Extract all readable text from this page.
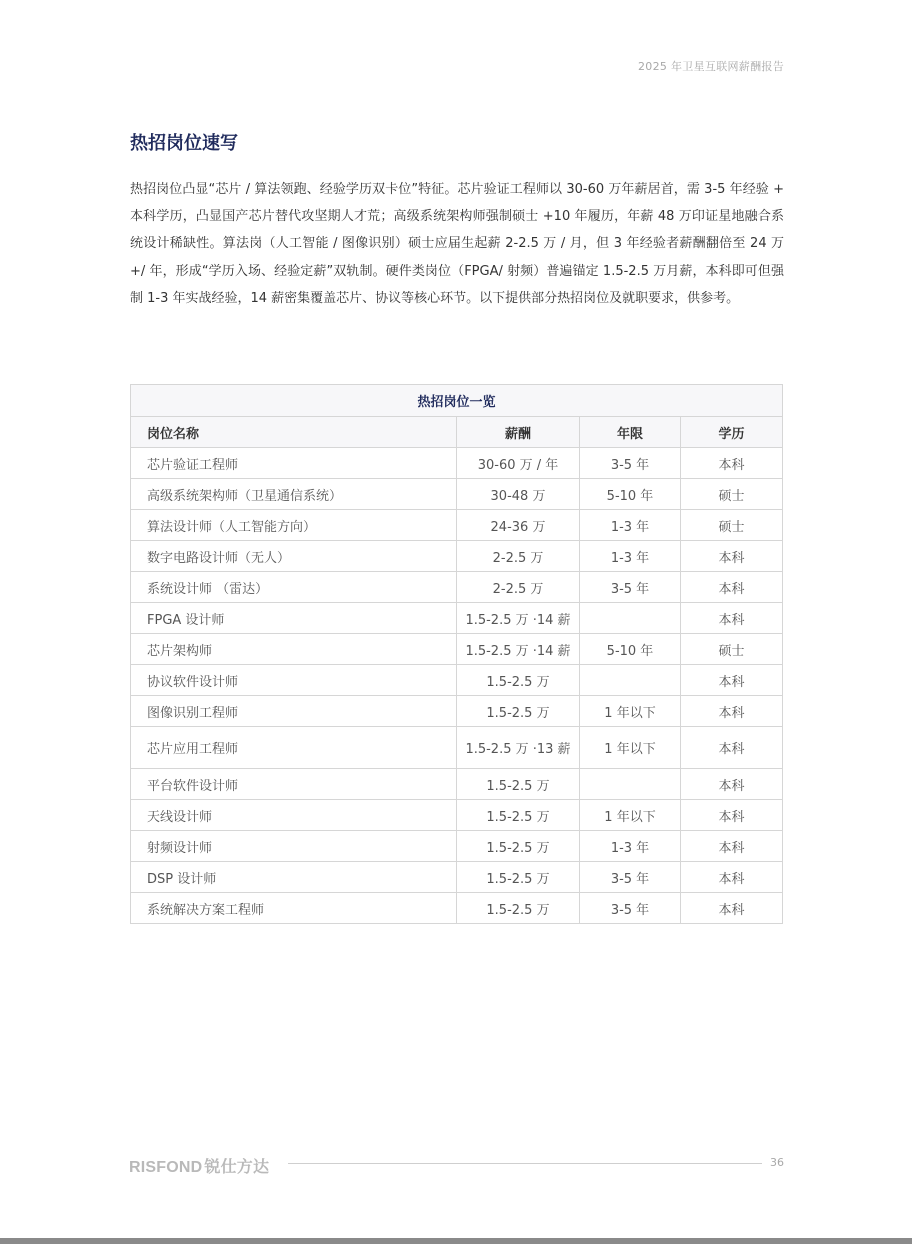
2025 年卫星互联网薪酬报告
热招岗位速写

热招岗位凸显“芯片 / 算法领跑、经验学历双卡位”特征。芯片验证工程师以 30-60 万年薪居首，需 3-5 年经验 + 本科学历，凸显国产芯片替代攻坚期人才荒；高级系统架构师强制硕士 +10 年履历，年薪 48 万印证星地融合系统设计稀缺性。算法岗（人工智能 / 图像识别）硕士应届生起薪 2-2.5 万 / 月，但 3 年经验者薪酬翻倍至 24 万 +/ 年，形成“学历入场、经验定薪”双轨制。硬件类岗位（FPGA/ 射频）普遍锚定 1.5-2.5 万月薪，本科即可但强制 1-3 年实战经验，14 薪密集覆盖芯片、协议等核心环节。以下提供部分热招岗位及就职要求，供参考。

热招岗位一览			
岗位名称	薪酬	年限	学历
芯片验证工程师	30-60 万 / 年	3-5 年	本科
高级系统架构师（卫星通信系统）	30-48 万	5-10 年	硕士
算法设计师（人工智能方向）	24-36 万	1-3 年	硕士
数字电路设计师（无人）	2-2.5 万	1-3 年	本科
系统设计师 （雷达）	2-2.5 万	3-5 年	本科
FPGA 设计师	1.5-2.5 万 ·14 薪		本科
芯片架构师	1.5-2.5 万 ·14 薪	5-10 年	硕士
协议软件设计师	1.5-2.5 万		本科
图像识别工程师	1.5-2.5 万	1 年以下	本科
芯片应用工程师	1.5-2.5 万 ·13 薪	1 年以下	本科
平台软件设计师	1.5-2.5 万		本科
天线设计师	1.5-2.5 万	1 年以下	本科
射频设计师	1.5-2.5 万	1-3 年	本科
DSP 设计师	1.5-2.5 万	3-5 年	本科
系统解决方案工程师	1.5-2.5 万	3-5 年	本科
RISFOND 锐仕方达	36
